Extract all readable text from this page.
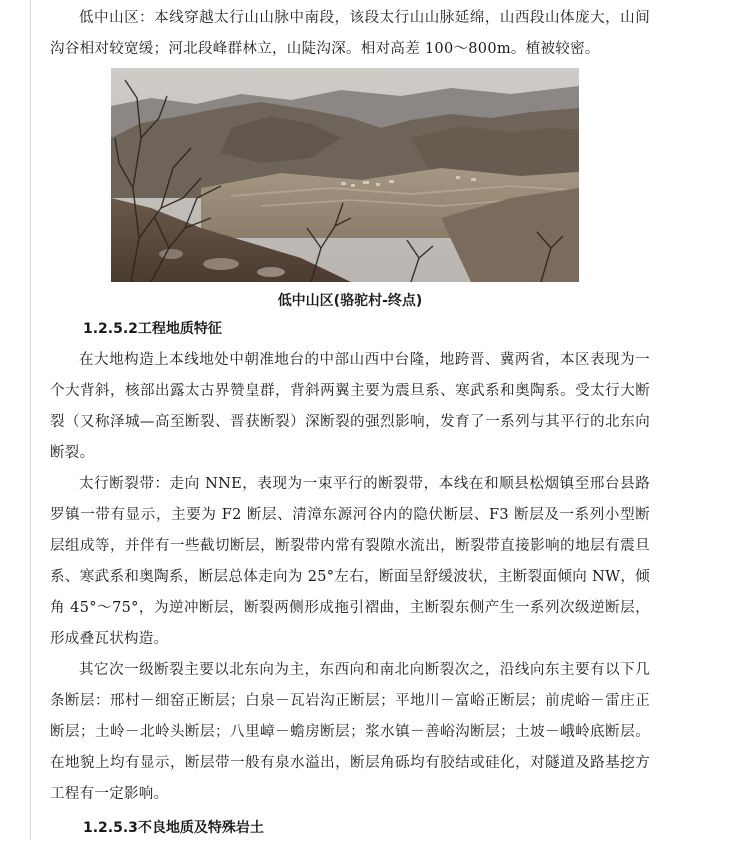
低中山区：本线穿越太行山山脉中南段，该段太行山山脉延绵，山西段山体庞大，山间沟谷相对较宽缓；河北段峰群林立，山陡沟深。相对高差 100～800m。植被较密。

低中山区(骆驼村-终点)
1.2.5.2工程地质特征

在大地构造上本线地处中朝准地台的中部山西中台隆，地跨晋、冀两省，本区表现为一个大背斜，核部出露太古界赞皇群，背斜两翼主要为震旦系、寒武系和奥陶系。受太行大断裂（又称泽城—高至断裂、晋获断裂）深断裂的强烈影响，发育了一系列与其平行的北东向断裂。

太行断裂带：走向 NNE，表现为一束平行的断裂带，本线在和顺县松烟镇至邢台县路罗镇一带有显示，主要为 F2 断层、清漳东源河谷内的隐伏断层、F3 断层及一系列小型断层组成等，并伴有一些截切断层，断裂带内常有裂隙水流出，断裂带直接影响的地层有震旦系、寒武系和奥陶系，断层总体走向为 25°左右，断面呈舒缓波状，主断裂面倾向 NW，倾角 45°～75°，为逆冲断层，断裂两侧形成拖引褶曲，主断裂东侧产生一系列次级逆断层，形成叠瓦状构造。

其它次一级断裂主要以北东向为主，东西向和南北向断裂次之，沿线向东主要有以下几条断层：邢村－细窑正断层；白泉－瓦岩沟正断层；平地川－富峪正断层；前虎峪－雷庄正断层；土岭－北岭头断层；八里嶂－蟾房断层；浆水镇－善峪沟断层；土坡－峨岭底断层。在地貌上均有显示，断层带一般有泉水溢出，断层角砾均有胶结或硅化，对隧道及路基挖方工程有一定影响。

1.2.5.3不良地质及特殊岩土
